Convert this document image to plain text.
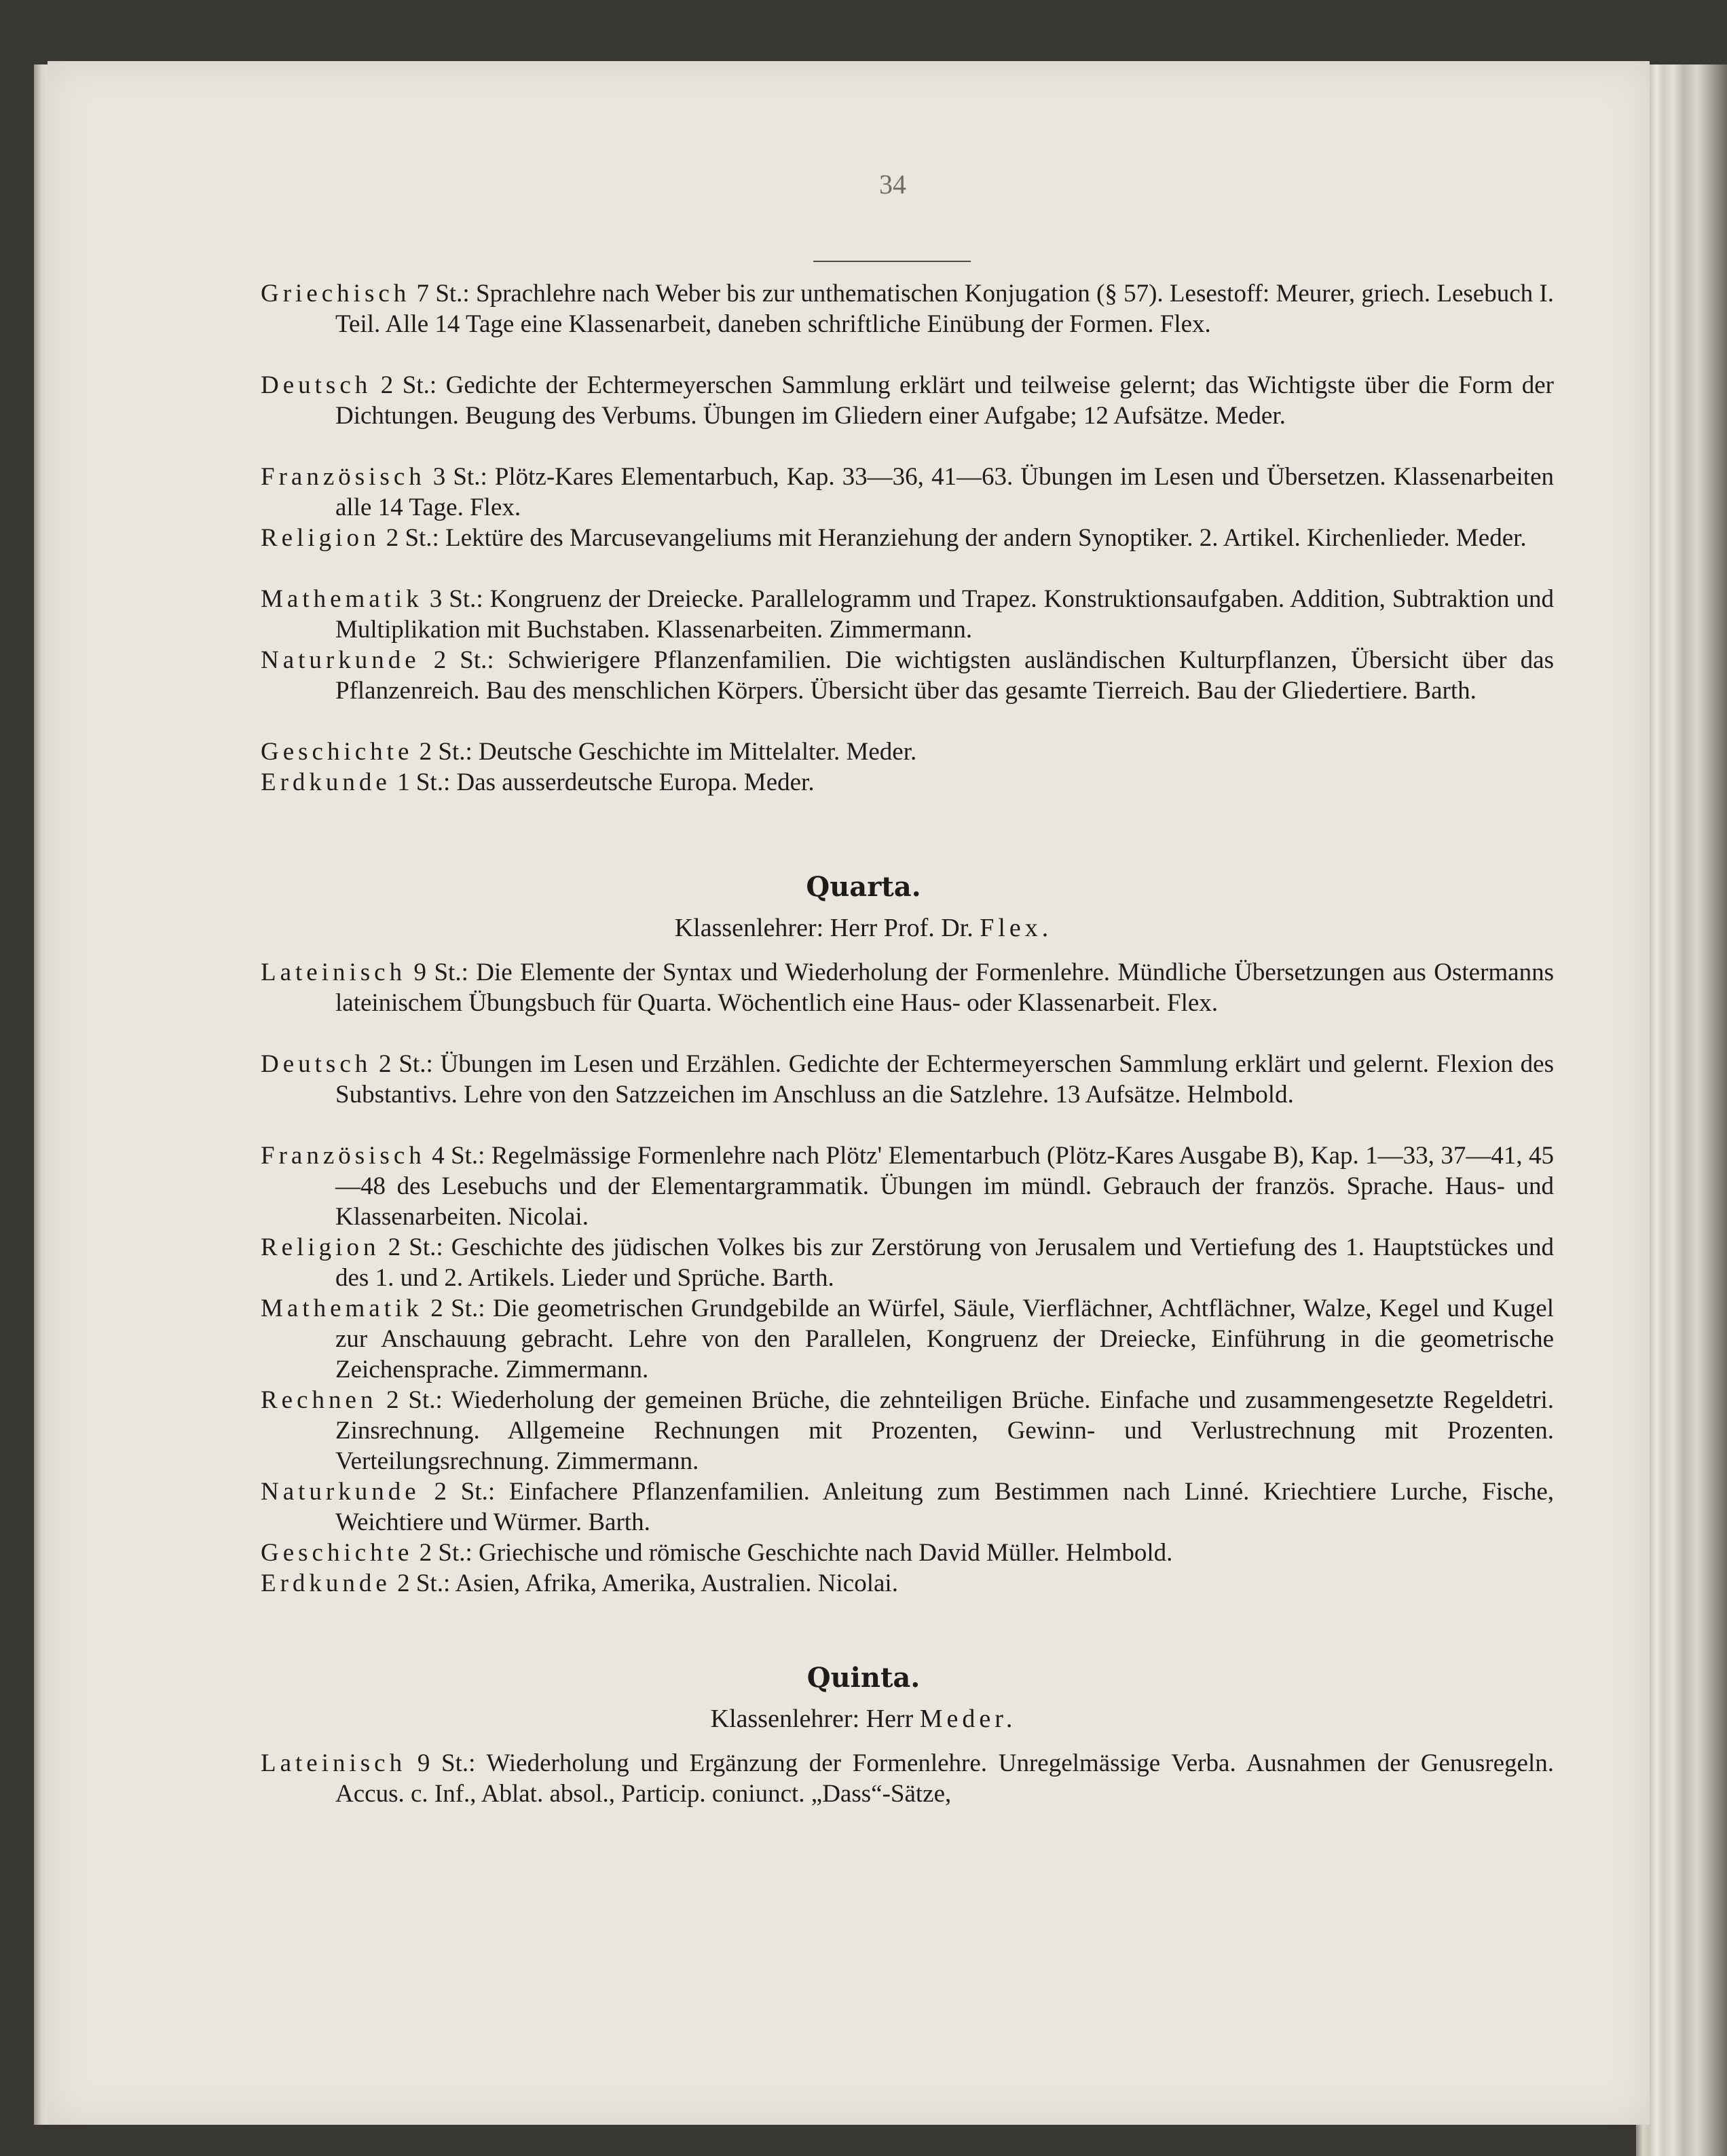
34

Griechisch 7 St.: Sprachlehre nach Weber bis zur unthematischen Konjugation (§ 57). Lesestoff: Meurer, griech. Lesebuch I. Teil. Alle 14 Tage eine Klassenarbeit, daneben schriftliche Einübung der Formen. Flex.

Deutsch 2 St.: Gedichte der Echtermeyerschen Sammlung erklärt und teilweise gelernt; das Wichtigste über die Form der Dichtungen. Beugung des Verbums. Übungen im Gliedern einer Aufgabe; 12 Aufsätze. Meder.

Französisch 3 St.: Plötz-Kares Elementarbuch, Kap. 33—36, 41—63. Übungen im Lesen und Übersetzen. Klassenarbeiten alle 14 Tage. Flex.

Religion 2 St.: Lektüre des Marcusevangeliums mit Heranziehung der andern Synoptiker. 2. Artikel. Kirchenlieder. Meder.

Mathematik 3 St.: Kongruenz der Dreiecke. Parallelogramm und Trapez. Konstruktionsaufgaben. Addition, Subtraktion und Multiplikation mit Buchstaben. Klassenarbeiten. Zimmermann.

Naturkunde 2 St.: Schwierigere Pflanzenfamilien. Die wichtigsten ausländischen Kulturpflanzen, Übersicht über das Pflanzenreich. Bau des menschlichen Körpers. Übersicht über das gesamte Tierreich. Bau der Gliedertiere. Barth.

Geschichte 2 St.: Deutsche Geschichte im Mittelalter. Meder.

Erdkunde 1 St.: Das ausserdeutsche Europa. Meder.

Quarta.
Klassenlehrer: Herr Prof. Dr. Flex.

Lateinisch 9 St.: Die Elemente der Syntax und Wiederholung der Formenlehre. Mündliche Übersetzungen aus Ostermanns lateinischem Übungsbuch für Quarta. Wöchentlich eine Haus- oder Klassenarbeit. Flex.

Deutsch 2 St.: Übungen im Lesen und Erzählen. Gedichte der Echtermeyerschen Sammlung erklärt und gelernt. Flexion des Substantivs. Lehre von den Satzzeichen im Anschluss an die Satzlehre. 13 Aufsätze. Helmbold.

Französisch 4 St.: Regelmässige Formenlehre nach Plötz' Elementarbuch (Plötz-Kares Ausgabe B), Kap. 1—33, 37—41, 45—48 des Lesebuchs und der Elementargrammatik. Übungen im mündl. Gebrauch der französ. Sprache. Haus- und Klassenarbeiten. Nicolai.

Religion 2 St.: Geschichte des jüdischen Volkes bis zur Zerstörung von Jerusalem und Vertiefung des 1. Hauptstückes und des 1. und 2. Artikels. Lieder und Sprüche. Barth.

Mathematik 2 St.: Die geometrischen Grundgebilde an Würfel, Säule, Vierflächner, Achtflächner, Walze, Kegel und Kugel zur Anschauung gebracht. Lehre von den Parallelen, Kongruenz der Dreiecke, Einführung in die geometrische Zeichensprache. Zimmermann.

Rechnen 2 St.: Wiederholung der gemeinen Brüche, die zehnteiligen Brüche. Einfache und zusammengesetzte Regeldetri. Zinsrechnung. Allgemeine Rechnungen mit Prozenten, Gewinn- und Verlustrechnung mit Prozenten. Verteilungsrechnung. Zimmermann.

Naturkunde 2 St.: Einfachere Pflanzenfamilien. Anleitung zum Bestimmen nach Linné. Kriechtiere Lurche, Fische, Weichtiere und Würmer. Barth.

Geschichte 2 St.: Griechische und römische Geschichte nach David Müller. Helmbold.

Erdkunde 2 St.: Asien, Afrika, Amerika, Australien. Nicolai.

Quinta.
Klassenlehrer: Herr Meder.

Lateinisch 9 St.: Wiederholung und Ergänzung der Formenlehre. Unregelmässige Verba. Ausnahmen der Genusregeln. Accus. c. Inf., Ablat. absol., Particip. coniunct. „Dass“-Sätze,
